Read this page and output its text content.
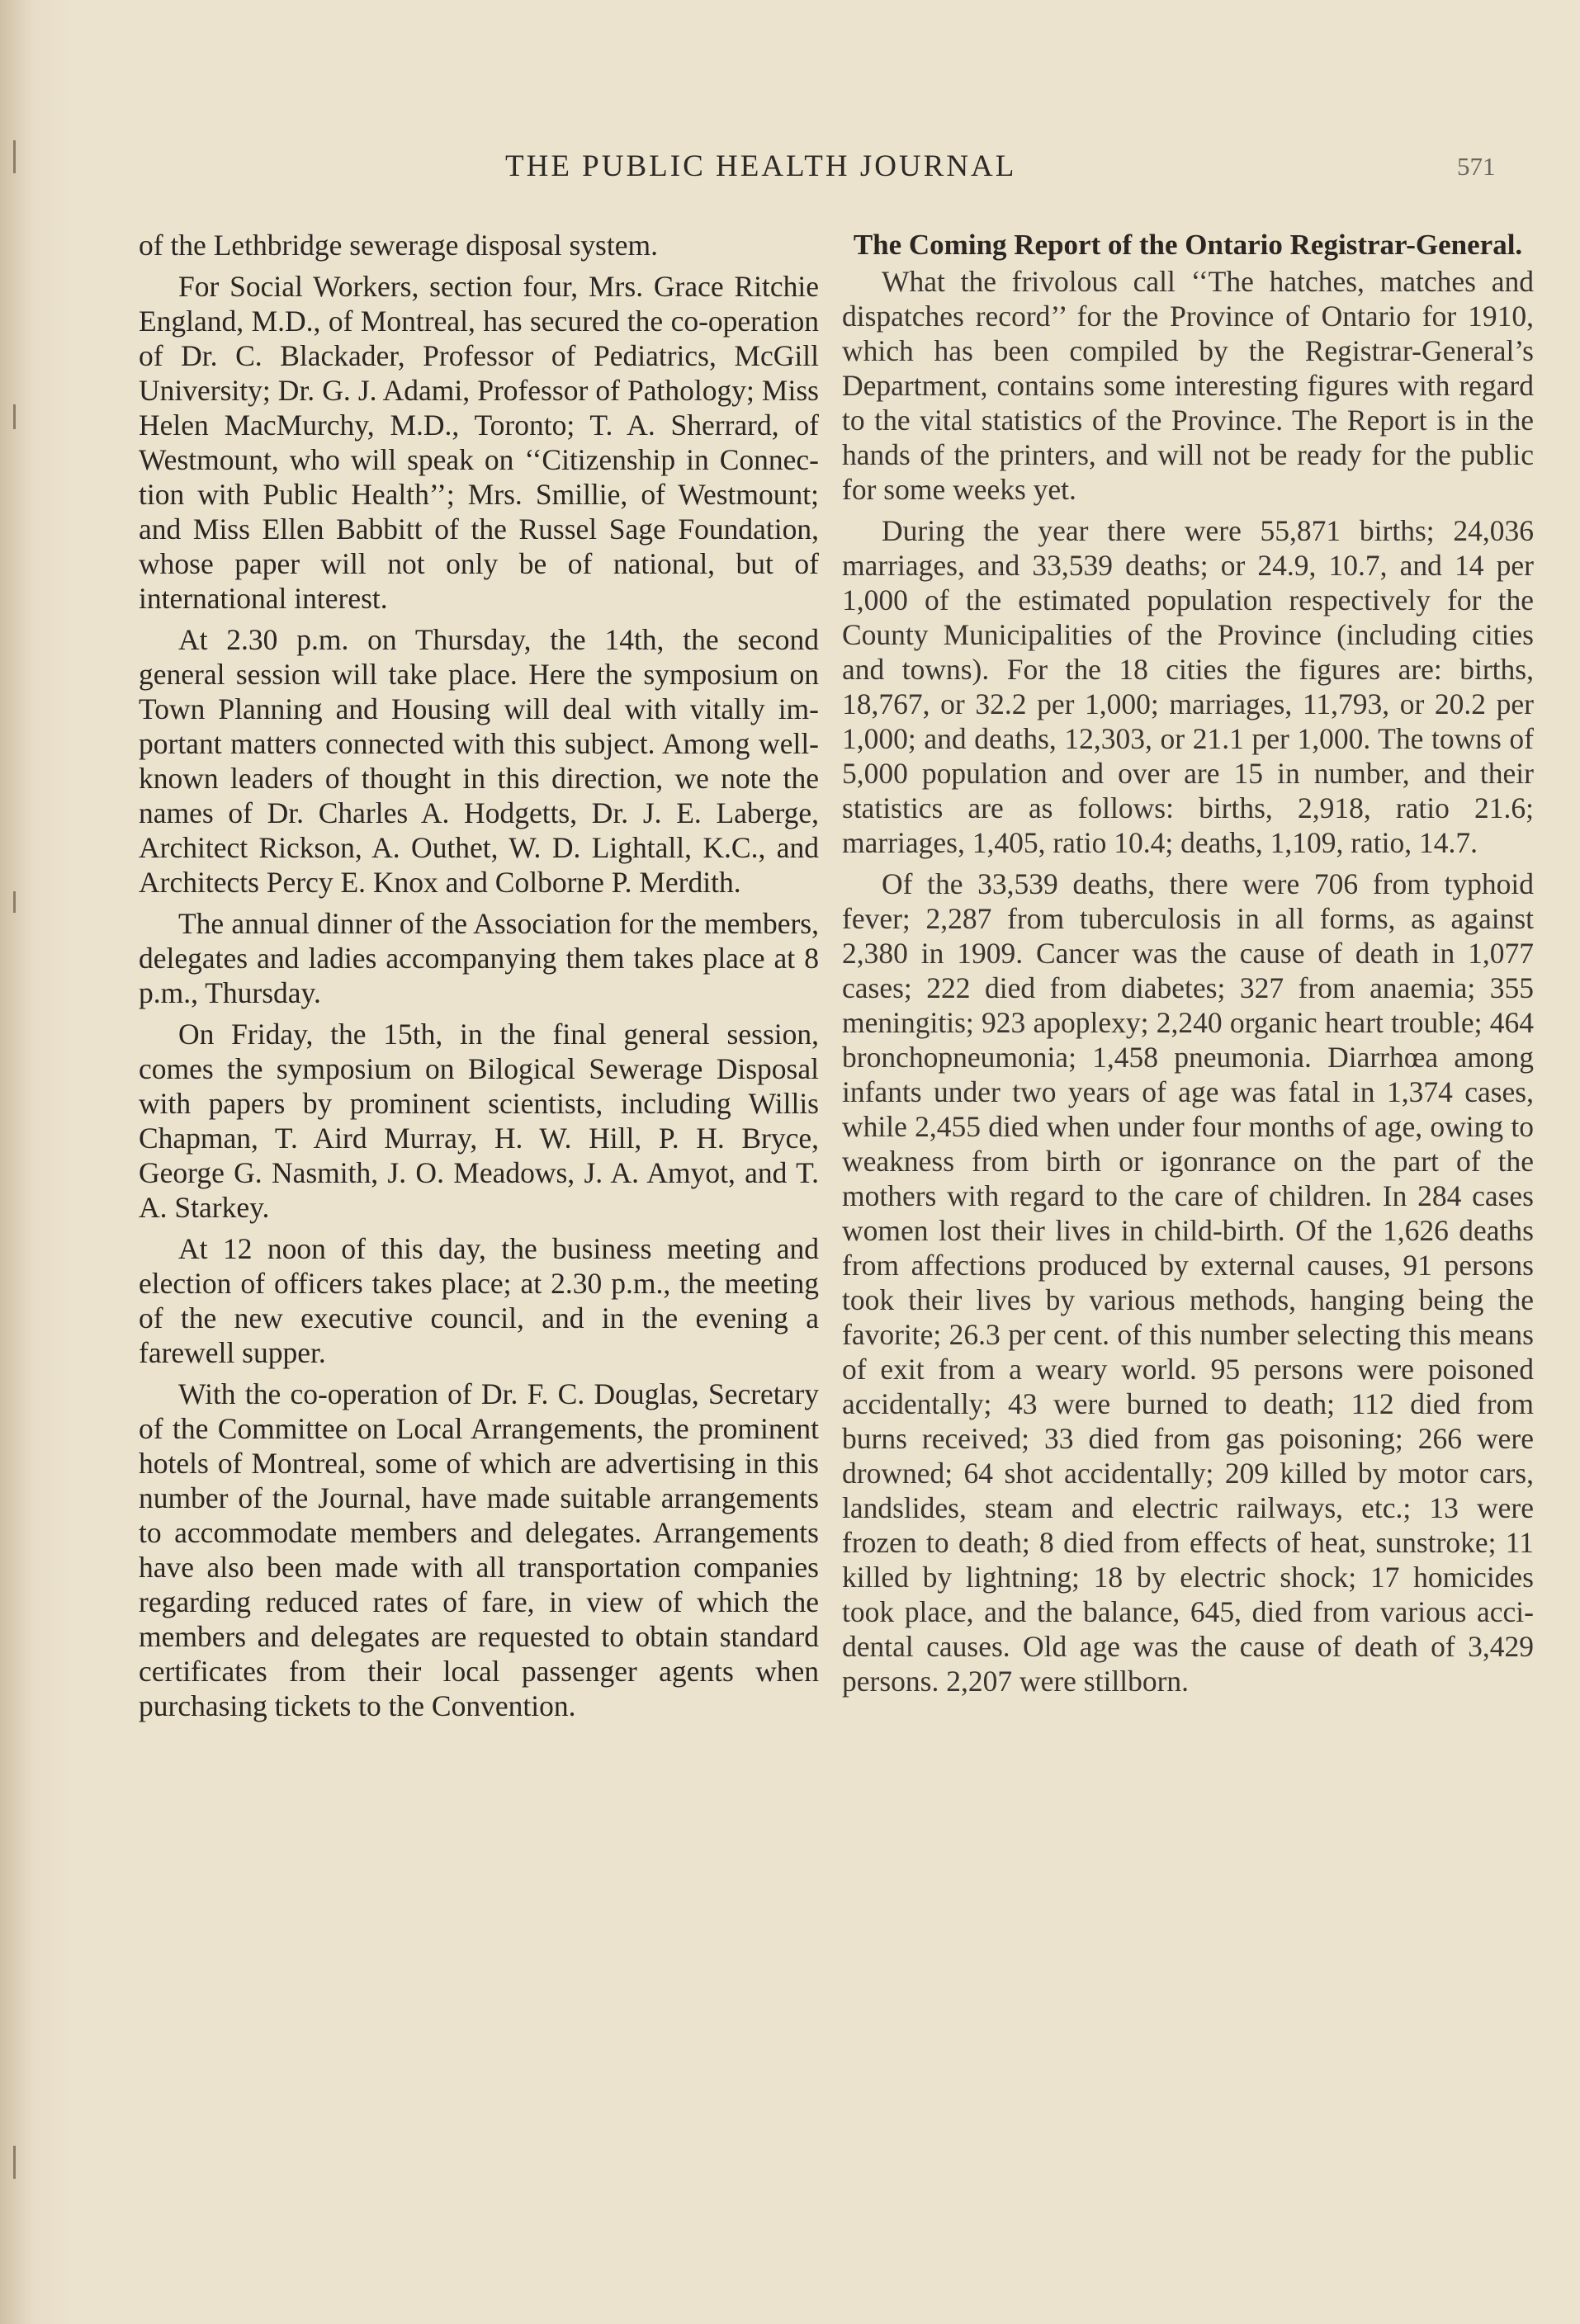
THE PUBLIC HEALTH JOURNAL	571

of the Lethbridge sewerage disposal system.

For Social Workers, section four, Mrs. Grace Ritchie England, M.D., of Montreal, has secured the co-operation of Dr. C. Blackader, Professor of Pediatrics, McGill University; Dr. G. J. Adami, Professor of Pathology; Miss Helen MacMurchy, M.D., Toronto; T. A. Sherrard, of Westmount, who will speak on ‘‘Citizenship in Connection with Public Health’’; Mrs. Smillie, of Westmount; and Miss Ellen Babbitt of the Russel Sage Foundation, whose paper will not only be of national, but of international interest.

At 2.30 p.m. on Thursday, the 14th, the second general session will take place. Here the symposium on Town Planning and Housing will deal with vitally important matters connected with this subject. Among well-known leaders of thought in this direction, we note the names of Dr. Charles A. Hodgetts, Dr. J. E. Laberge, Architect Rickson, A. Outhet, W. D. Lightall, K.C., and Architects Percy E. Knox and Colborne P. Merdith.

The annual dinner of the Association for the members, delegates and ladies accompanying them takes place at 8 p.m., Thursday.

On Friday, the 15th, in the final general session, comes the symposium on Bilogical Sewerage Disposal with papers by prominent scientists, including Willis Chapman, T. Aird Murray, H. W. Hill, P. H. Bryce, George G. Nasmith, J. O. Meadows, J. A. Amyot, and T. A. Starkey.

At 12 noon of this day, the business meeting and election of officers takes place; at 2.30 p.m., the meeting of the new executive council, and in the evening a farewell supper.

With the co-operation of Dr. F. C. Douglas, Secretary of the Committee on Local Arrangements, the prominent hotels of Montreal, some of which are advertising in this number of the Journal, have made suitable arrangements to accommodate members and delegates. Arrangements have also been made with all transportation companies regarding reduced rates of fare, in view of which the members and delegates are requested to obtain standard certificates from their local passenger agents when purchasing tickets to the Convention.

The Coming Report of the Ontario Registrar-General.

What the frivolous call ‘‘The hatches, matches and dispatches record’’ for the Province of Ontario for 1910, which has been compiled by the Registrar-General’s Department, contains some interesting figures with regard to the vital statistics of the Province. The Report is in the hands of the printers, and will not be ready for the public for some weeks yet.

During the year there were 55,871 births; 24,036 marriages, and 33,539 deaths; or 24.9, 10.7, and 14 per 1,000 of the estimated population respectively for the County Municipalities of the Province (including cities and towns). For the 18 cities the figures are: births, 18,767, or 32.2 per 1,000; marriages, 11,793, or 20.2 per 1,000; and deaths, 12,303, or 21.1 per 1,000. The towns of 5,000 population and over are 15 in number, and their statistics are as follows: births, 2,918, ratio 21.6; marriages, 1,405, ratio 10.4; deaths, 1,109, ratio, 14.7.

Of the 33,539 deaths, there were 706 from typhoid fever; 2,287 from tuberculosis in all forms, as against 2,380 in 1909. Cancer was the cause of death in 1,077 cases; 222 died from diabetes; 327 from anaemia; 355 meningitis; 923 apoplexy; 2,240 organic heart trouble; 464 bronchopneumonia; 1,458 pneumonia. Diarrhœa among infants under two years of age was fatal in 1,374 cases, while 2,455 died when under four months of age, owing to weakness from birth or igonrance on the part of the mothers with regard to the care of children. In 284 cases women lost their lives in child-birth. Of the 1,626 deaths from affections produced by external causes, 91 persons took their lives by various methods, hanging being the favorite; 26.3 per cent. of this number selecting this means of exit from a weary world. 95 persons were poisoned accidentally; 43 were burned to death; 112 died from burns received; 33 died from gas poisoning; 266 were drowned; 64 shot accidentally; 209 killed by motor cars, landslides, steam and electric railways, etc.; 13 were frozen to death; 8 died from effects of heat, sunstroke; 11 killed by lightning; 18 by electric shock; 17 homicides took place, and the balance, 645, died from various accidental causes. Old age was the cause of death of 3,429 persons. 2,207 were stillborn.
